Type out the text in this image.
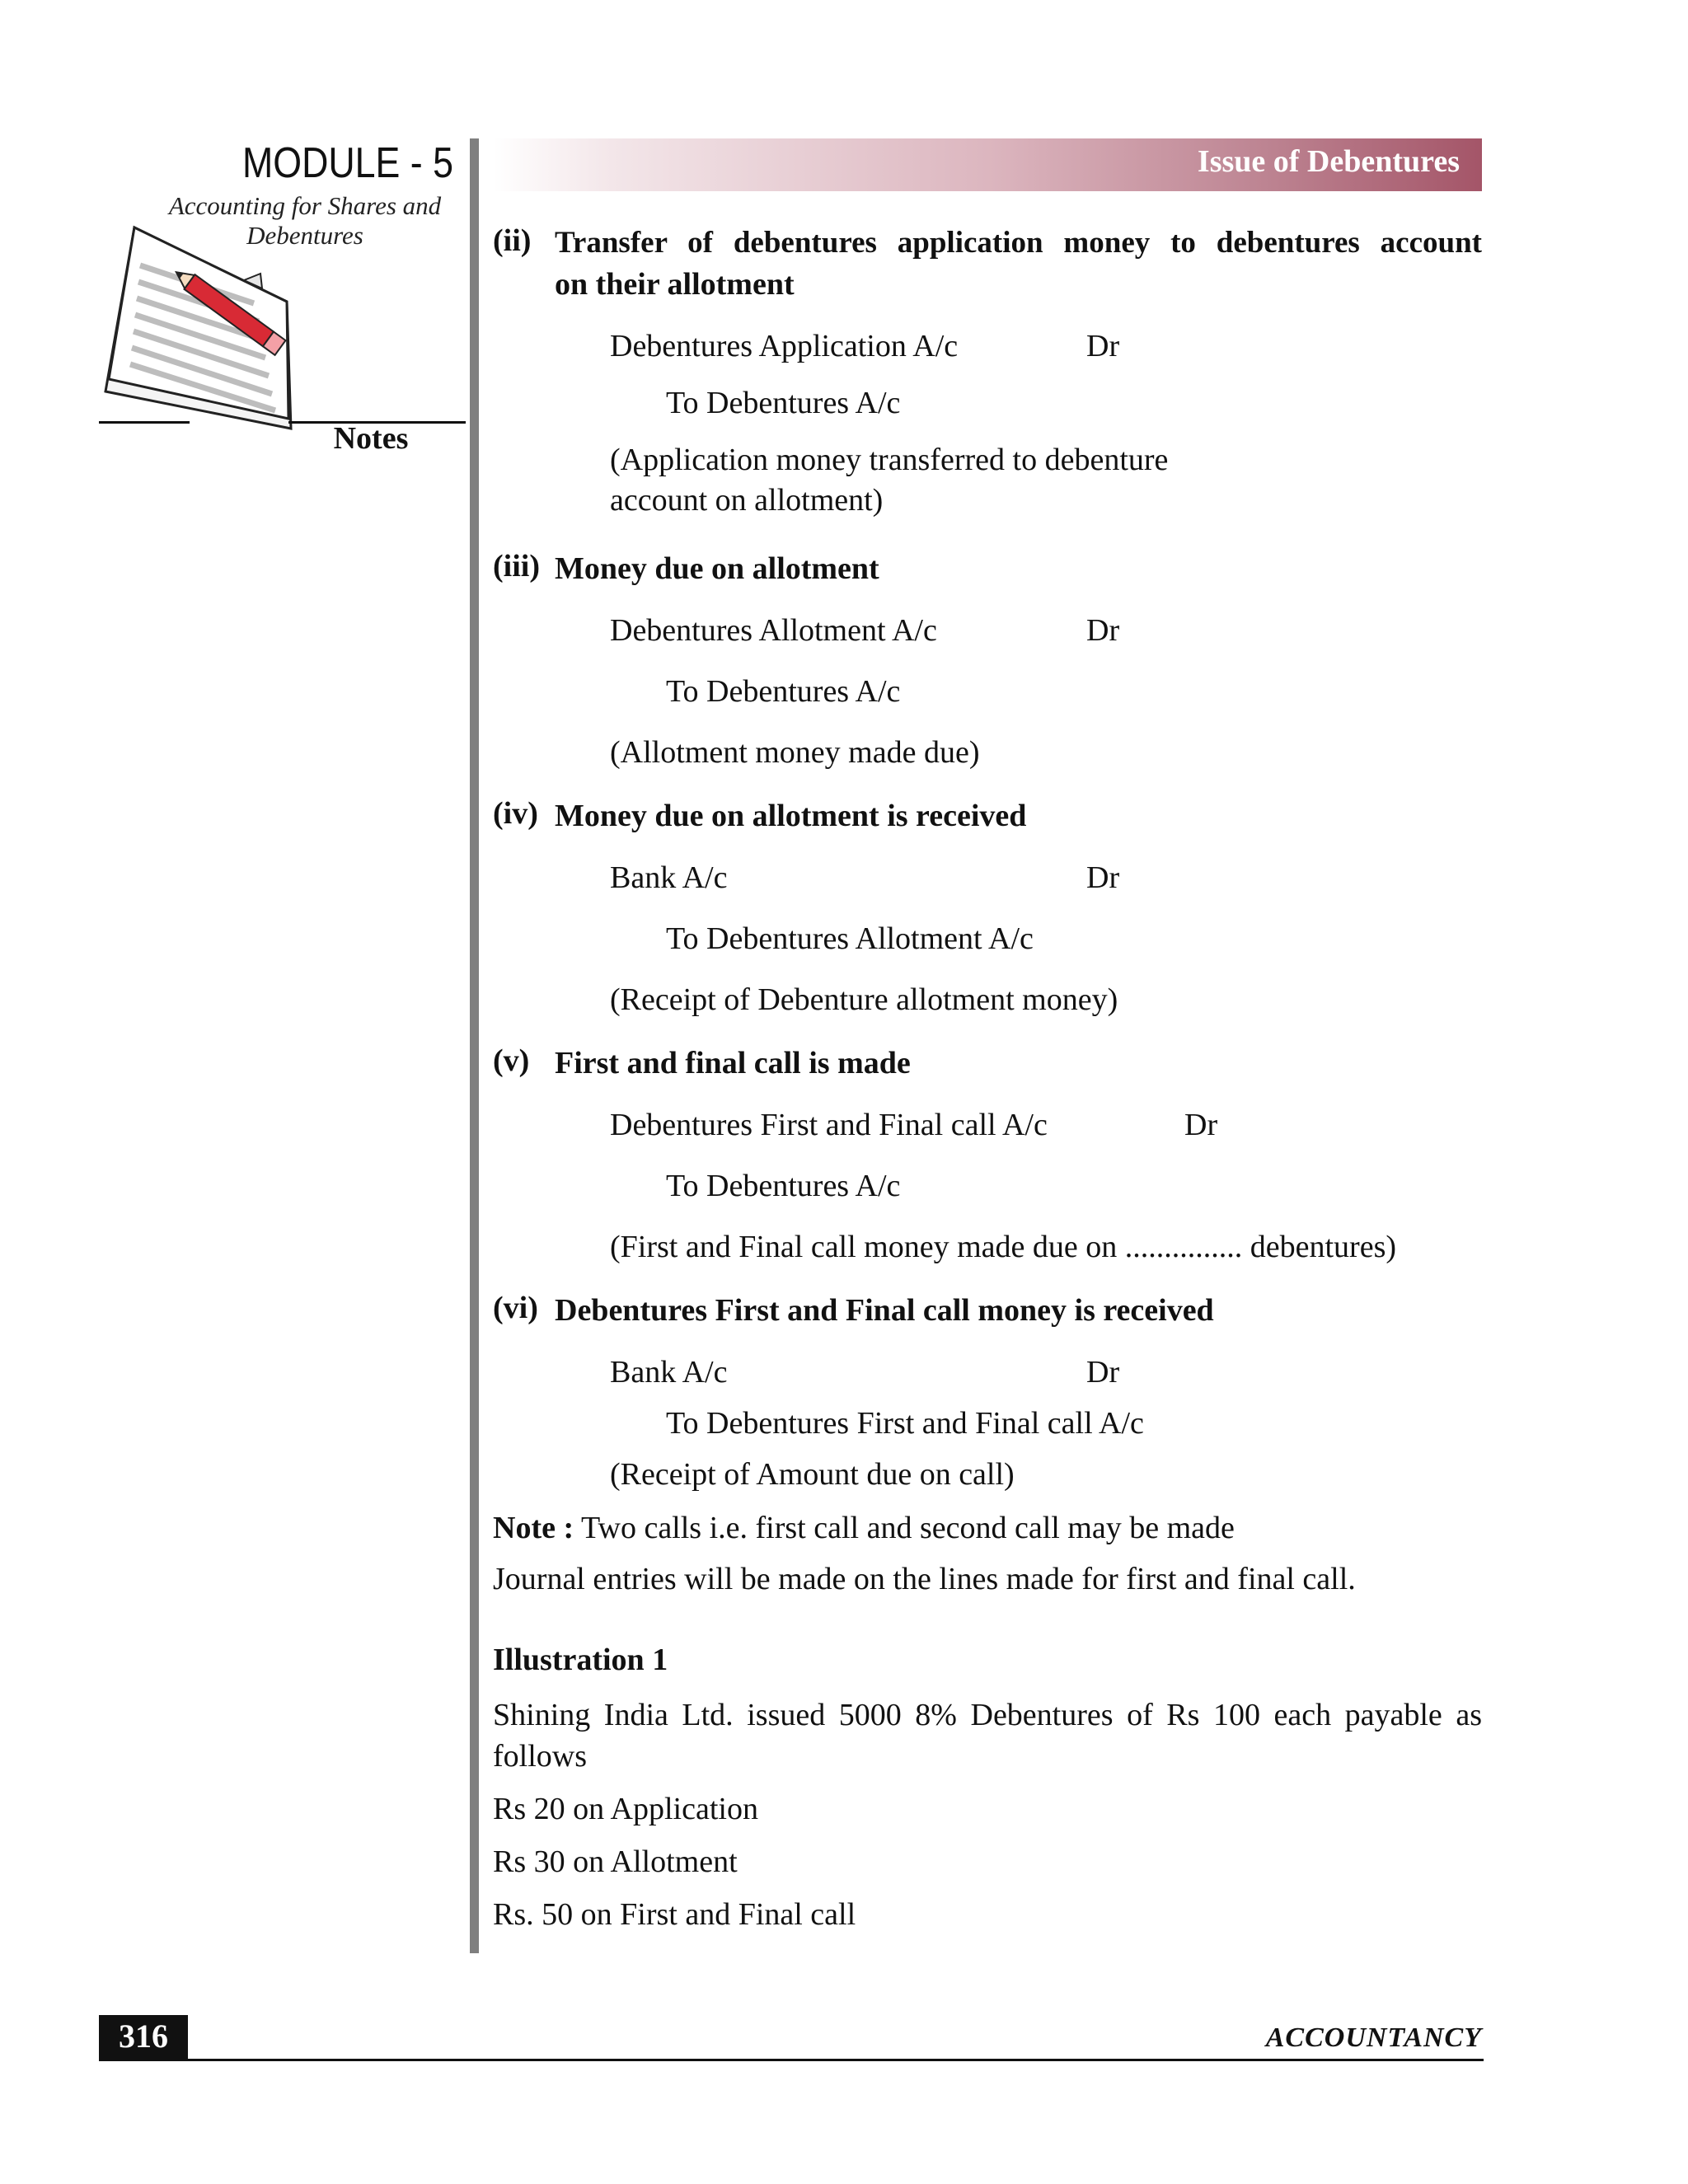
MODULE - 5
Accounting for Shares and Debentures
Notes
Issue of Debentures
(ii) Transfer of debentures application money to debentures account
on their allotment
Debentures Application A/c	Dr
To Debentures A/c
(Application money transferred to debenture
account on allotment)
(iii) Money due on allotment
Debentures Allotment A/c	Dr
To Debentures A/c
(Allotment money made due)
(iv) Money due on allotment is received
Bank A/c	Dr
To Debentures Allotment A/c
(Receipt of Debenture allotment money)
(v) First and final call is made
Debentures First and Final call A/c	Dr
To Debentures A/c
(First and Final call money made due on ............... debentures)
(vi) Debentures First and Final call money is received
Bank A/c	Dr
To Debentures First and Final call A/c
(Receipt of Amount due on call)
Note : Two calls i.e. first call and second call may be made
Journal entries will be made on the lines made for first and final call.
Illustration 1
Shining India Ltd. issued 5000 8% Debentures of Rs 100 each payable as
follows
Rs 20 on Application
Rs 30 on Allotment
Rs. 50 on First and Final call
316	ACCOUNTANCY
